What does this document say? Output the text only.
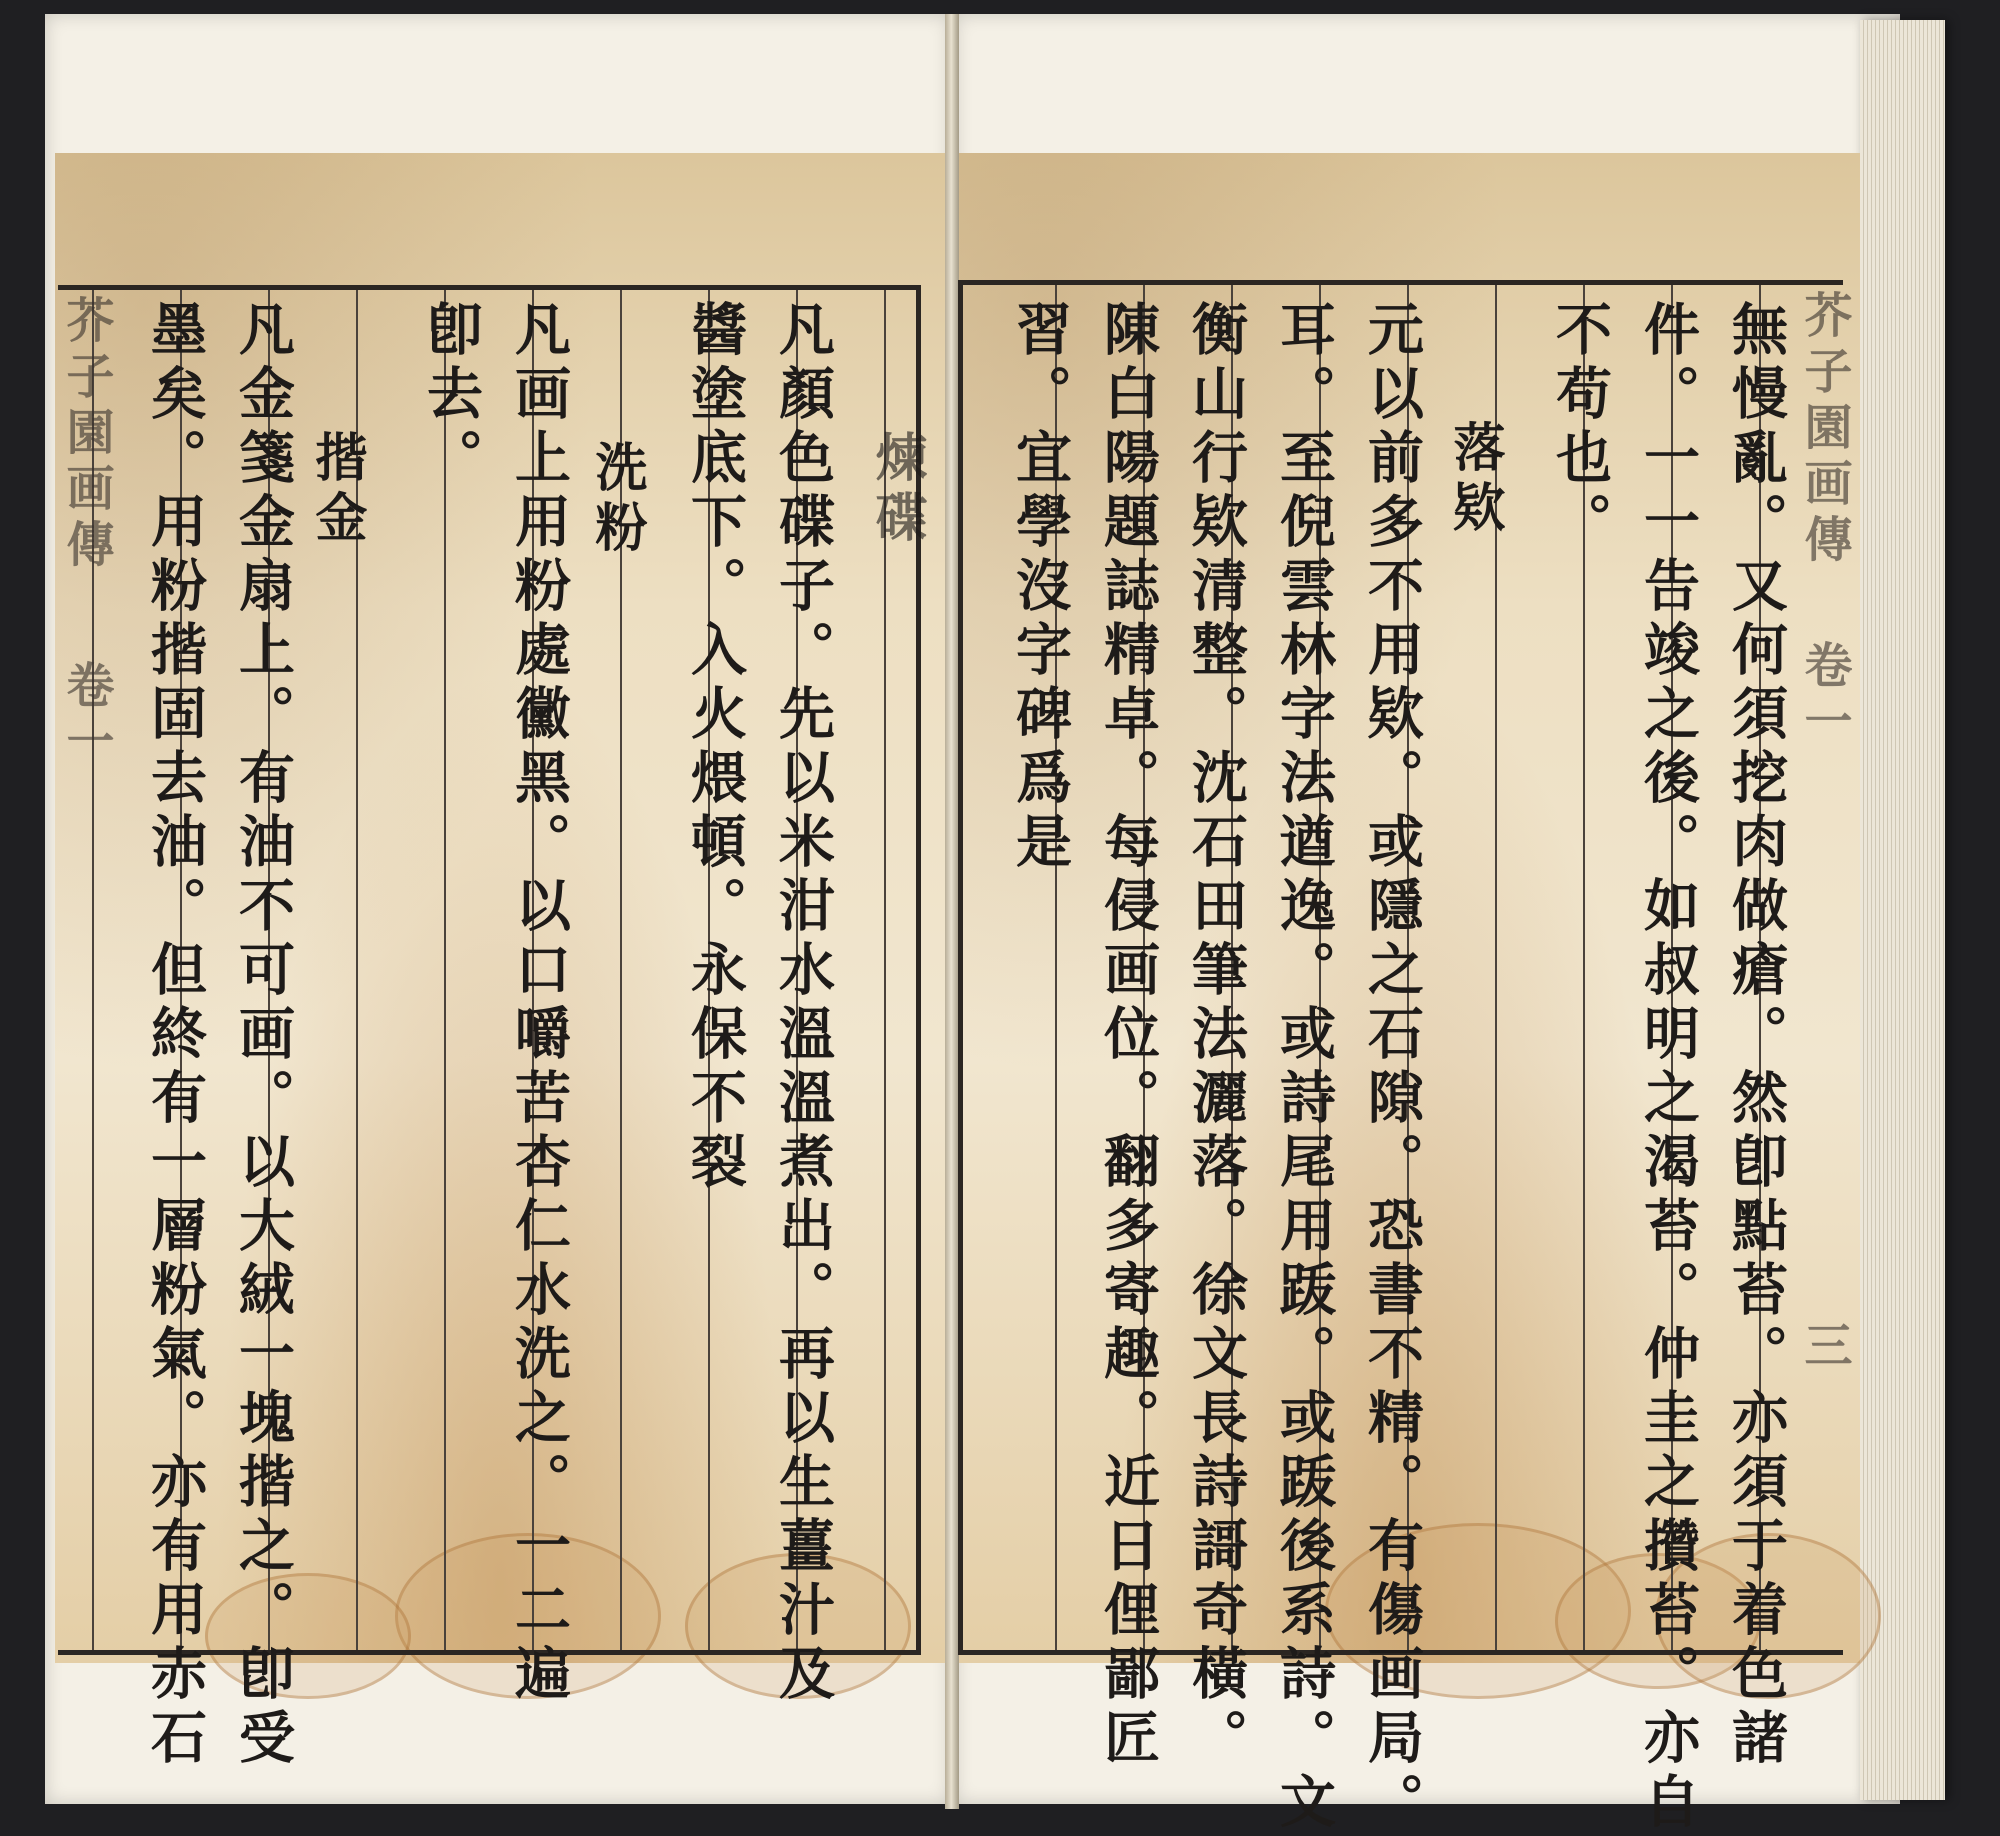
無慢亂。又何須挖肉做瘡。然卽點苔。亦須于着色諸
件。一一告竣之後。如叔明之渴苔。仲圭之攢苔。亦自
不苟也。
落欵
元以前多不用欵。或隱之石隙。恐書不精。有傷画局。
耳。至倪雲林字法遒逸。或詩尾用䟦。或䟦後系詩。文
衡山行欵清整。沈石田筆法灑落。徐文長詩謌奇橫。
陳白陽題誌精卓。每侵画位。翻多寄趣。近日俚鄙匠
習。宜學沒字碑爲是	芥子園画傳
卷一
三
煉碟
凡顏色碟子。先以米泔水溫溫煮出。再以生薑汁及
醬塗底下。入火煨頓。永保不裂
洗粉
凡画上用粉處黴黑。以口嚼苦杏仁水洗之。一二遍
卽去。
揩金
凡金箋金扇上。有油不可画。以大絨一塊揩之。卽受
墨矣。用粉揩固去油。但終有一層粉氣。亦有用赤石
芥子園画傳
卷一
